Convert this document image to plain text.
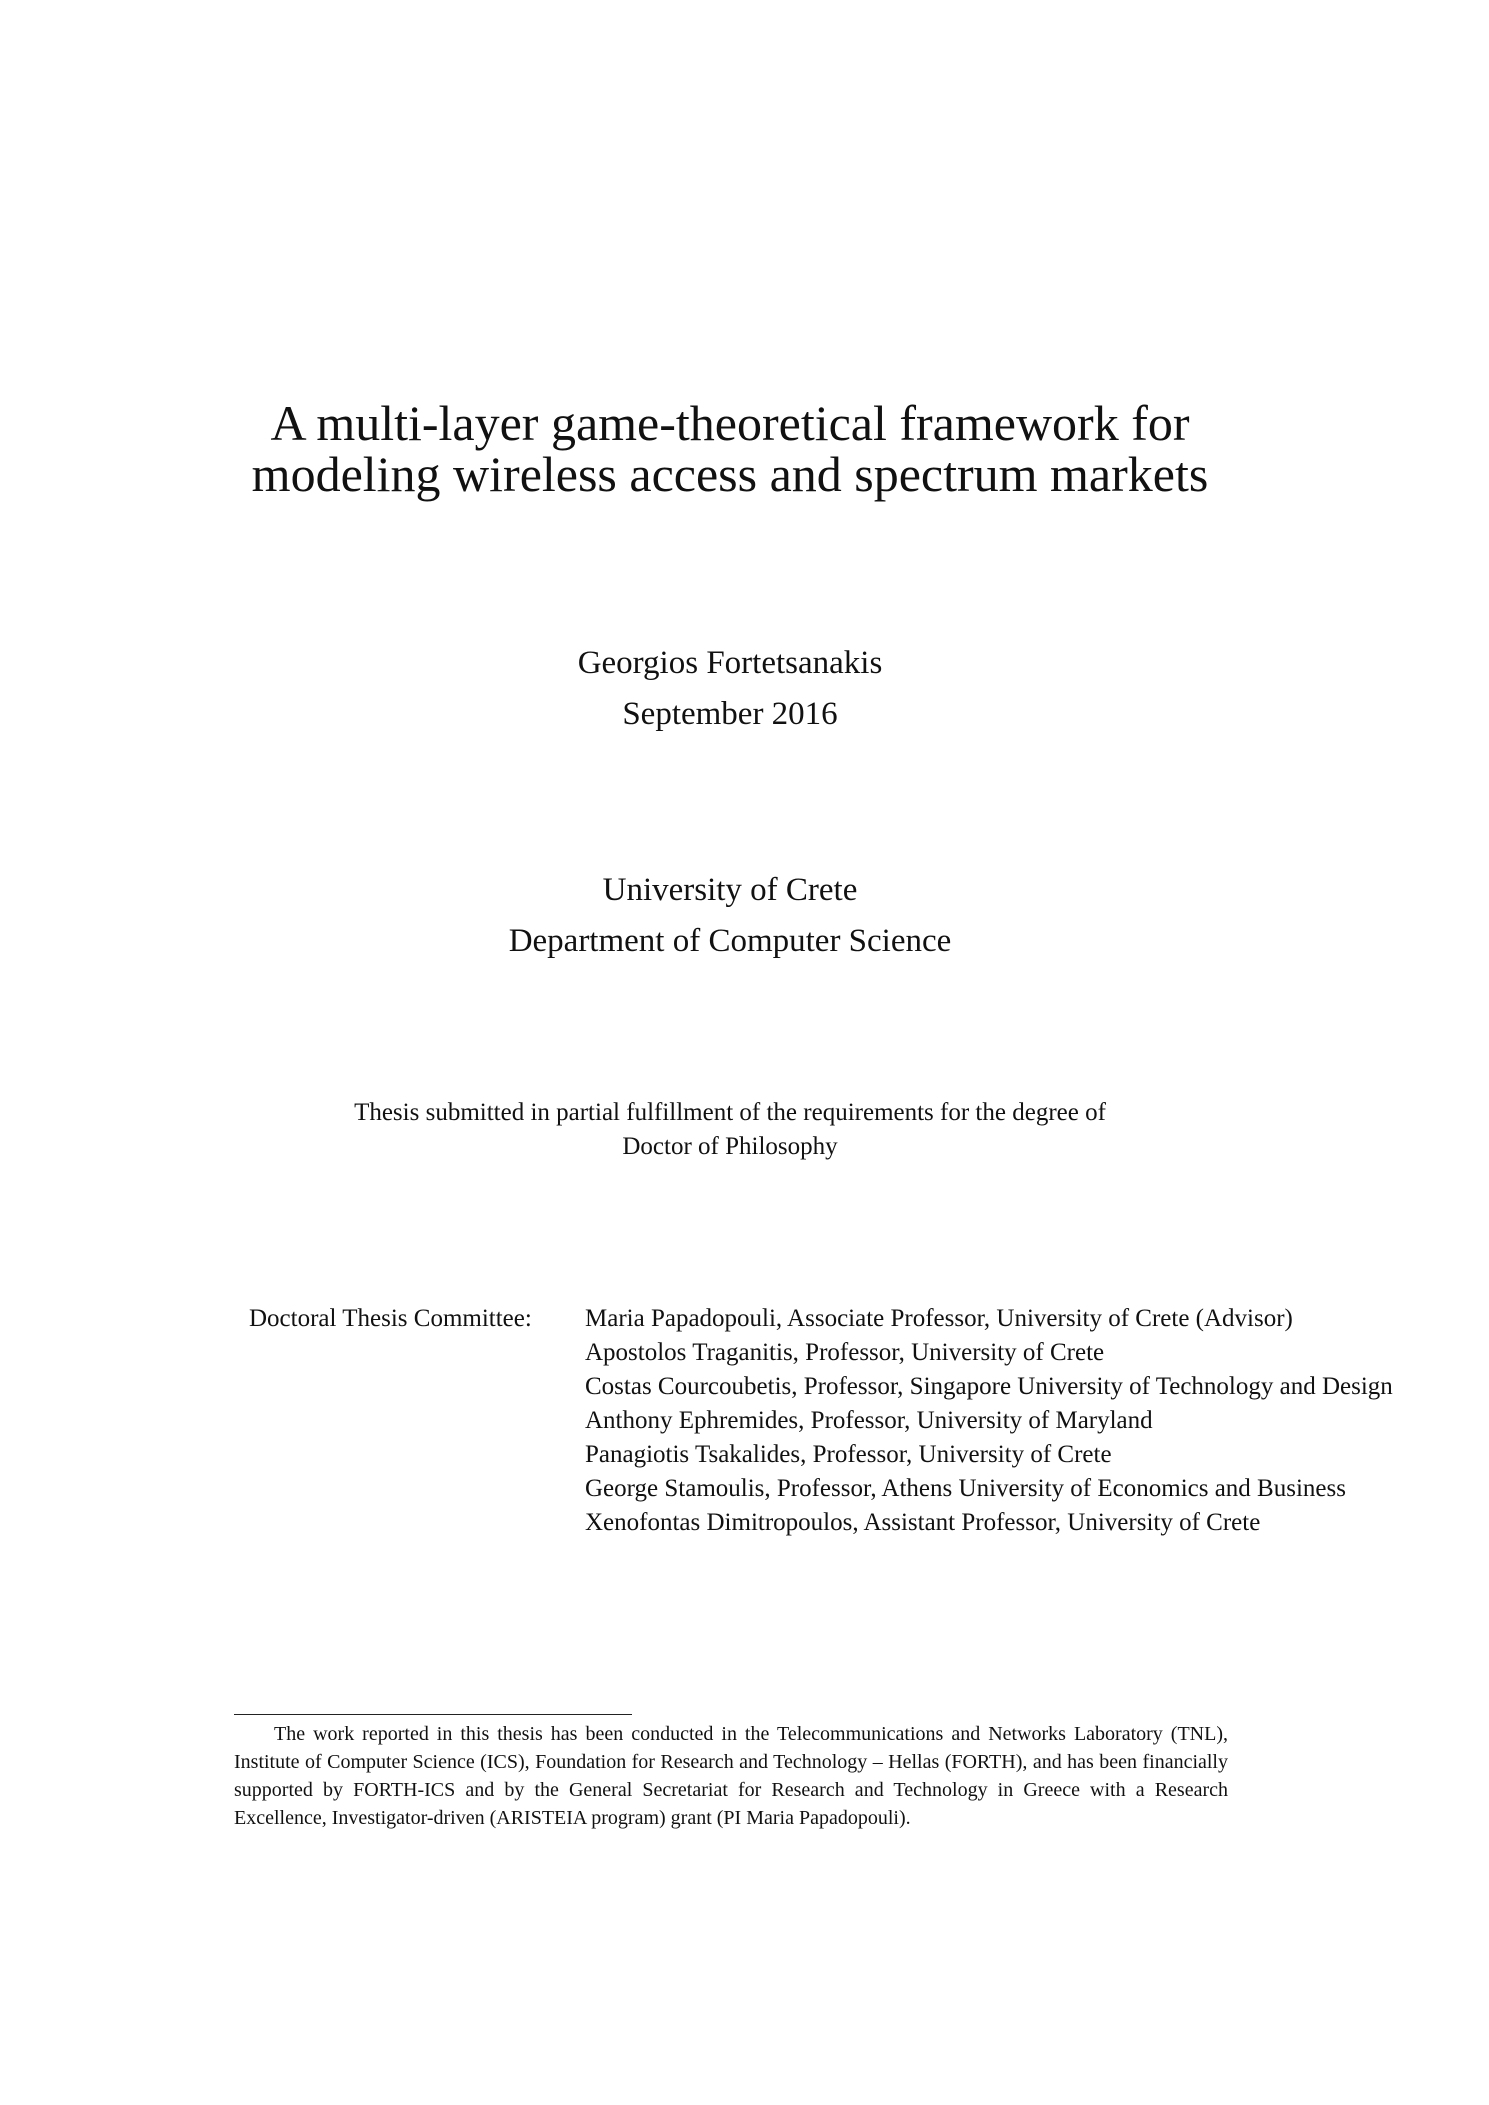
A multi-layer game-theoretical framework for
modeling wireless access and spectrum markets
Georgios Fortetsanakis
September 2016
University of Crete
Department of Computer Science
Thesis submitted in partial fulfillment of the requirements for the degree of
Doctor of Philosophy
Doctoral Thesis Committee: Maria Papadopouli, Associate Professor, University of Crete (Advisor)
Apostolos Traganitis, Professor, University of Crete
Costas Courcoubetis, Professor, Singapore University of Technology and Design
Anthony Ephremides, Professor, University of Maryland
Panagiotis Tsakalides, Professor, University of Crete
George Stamoulis, Professor, Athens University of Economics and Business
Xenofontas Dimitropoulos, Assistant Professor, University of Crete

The work reported in this thesis has been conducted in the Telecommunications and Networks Laboratory (TNL), Institute of Computer Science (ICS), Foundation for Research and Technology – Hellas (FORTH), and has been financially supported by FORTH-ICS and by the General Secretariat for Research and Technology in Greece with a Research Excellence, Investigator-driven (ARISTEIA program) grant (PI Maria Papadopouli).
